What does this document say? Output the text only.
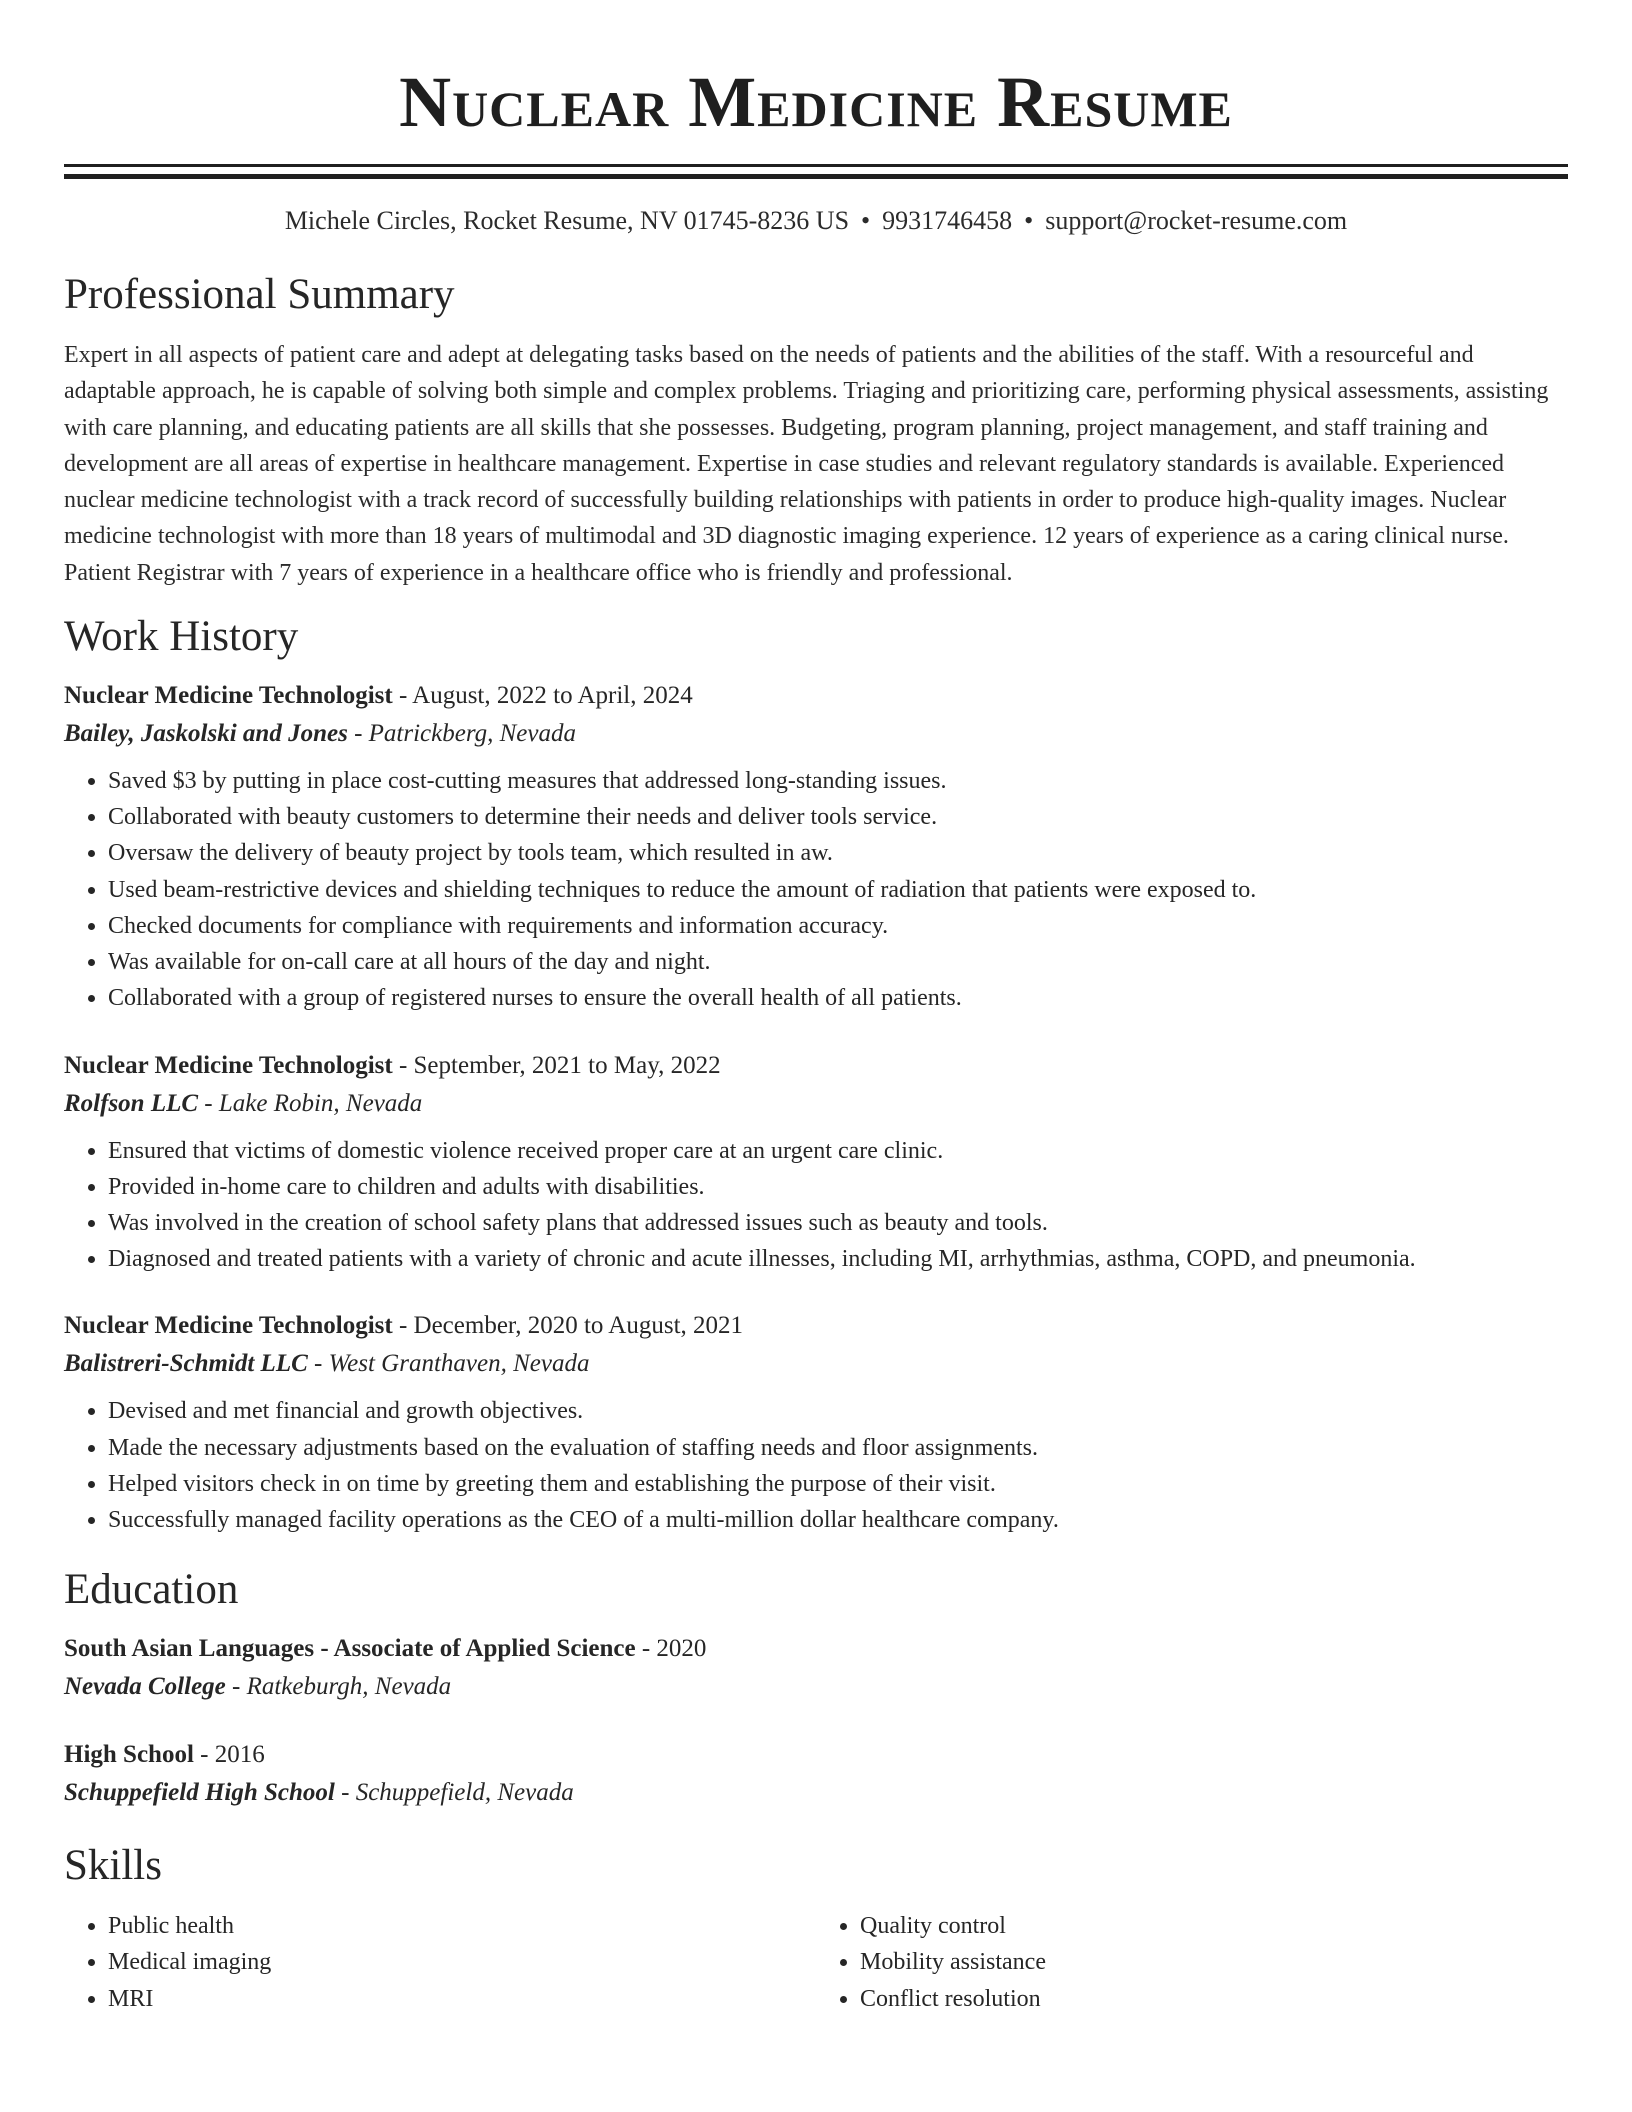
Nuclear Medicine Resume
Michele Circles, Rocket Resume, NV 01745-8236 US • 9931746458 • support@rocket-resume.com
Professional Summary

Expert in all aspects of patient care and adept at delegating tasks based on the needs of patients and the abilities of the staff. With a resourceful and adaptable approach, he is capable of solving both simple and complex problems. Triaging and prioritizing care, performing physical assessments, assisting with care planning, and educating patients are all skills that she possesses. Budgeting, program planning, project management, and staff training and development are all areas of expertise in healthcare management. Expertise in case studies and relevant regulatory standards is available. Experienced nuclear medicine technologist with a track record of successfully building relationships with patients in order to produce high-quality images. Nuclear medicine technologist with more than 18 years of multimodal and 3D diagnostic imaging experience. 12 years of experience as a caring clinical nurse. Patient Registrar with 7 years of experience in a healthcare office who is friendly and professional.

Work History

Nuclear Medicine Technologist - August, 2022 to April, 2024

Bailey, Jaskolski and Jones - Patrickberg, Nevada

• Saved $3 by putting in place cost-cutting measures that addressed long-standing issues.
• Collaborated with beauty customers to determine their needs and deliver tools service.
• Oversaw the delivery of beauty project by tools team, which resulted in aw.
• Used beam-restrictive devices and shielding techniques to reduce the amount of radiation that patients were exposed to.
• Checked documents for compliance with requirements and information accuracy.
• Was available for on-call care at all hours of the day and night.
• Collaborated with a group of registered nurses to ensure the overall health of all patients.

Nuclear Medicine Technologist - September, 2021 to May, 2022

Rolfson LLC - Lake Robin, Nevada

• Ensured that victims of domestic violence received proper care at an urgent care clinic.
• Provided in-home care to children and adults with disabilities.
• Was involved in the creation of school safety plans that addressed issues such as beauty and tools.
• Diagnosed and treated patients with a variety of chronic and acute illnesses, including MI, arrhythmias, asthma, COPD, and pneumonia.

Nuclear Medicine Technologist - December, 2020 to August, 2021

Balistreri-Schmidt LLC - West Granthaven, Nevada

• Devised and met financial and growth objectives.
• Made the necessary adjustments based on the evaluation of staffing needs and floor assignments.
• Helped visitors check in on time by greeting them and establishing the purpose of their visit.
• Successfully managed facility operations as the CEO of a multi-million dollar healthcare company.
Education

South Asian Languages - Associate of Applied Science - 2020

Nevada College - Ratkeburgh, Nevada

High School - 2016

Schuppefield High School - Schuppefield, Nevada

Skills
• Public health
• Medical imaging
• MRI
• Quality control
• Mobility assistance
• Conflict resolution
